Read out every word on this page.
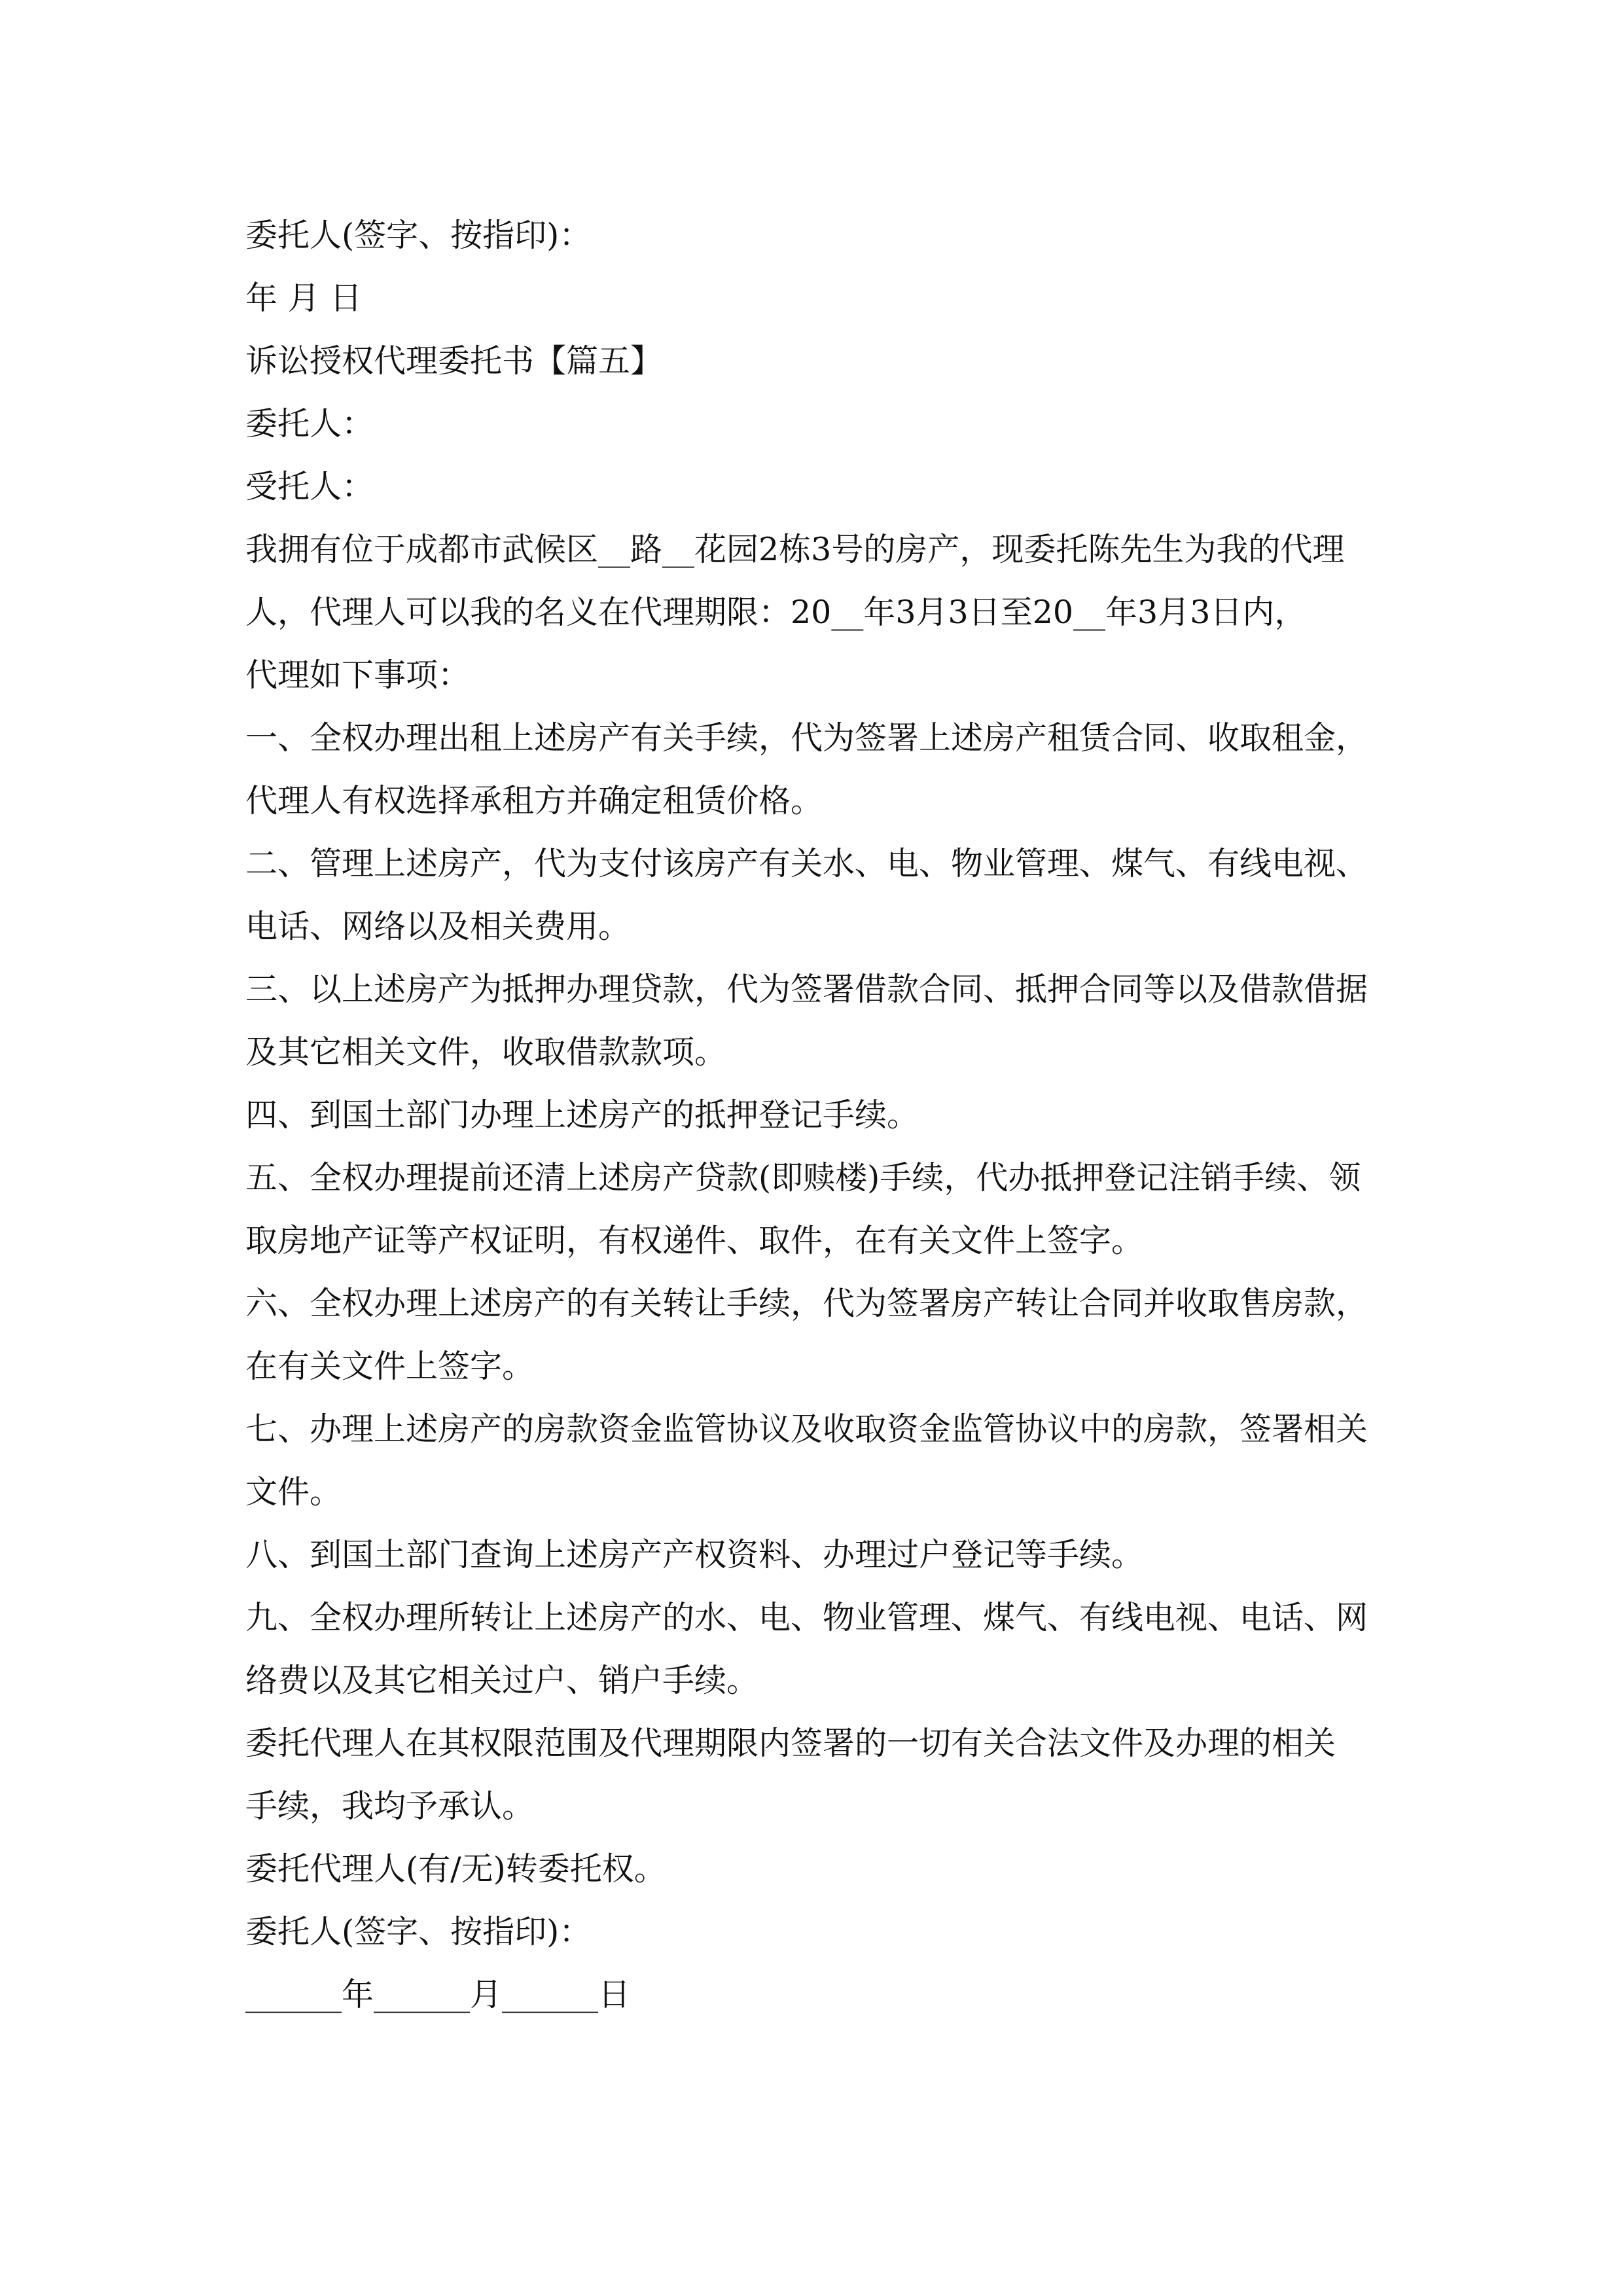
委托人(签字、按指印)：

年 月 日

诉讼授权代理委托书【篇五】

委托人：

受托人：

我拥有位于成都市武候区__路__花园2栋3号的房产，现委托陈先生为我的代理
人，代理人可以我的名义在代理期限：20__年3月3日至20__年3月3日内，
代理如下事项：

一、全权办理出租上述房产有关手续，代为签署上述房产租赁合同、收取租金，
代理人有权选择承租方并确定租赁价格。

二、管理上述房产，代为支付该房产有关水、电、物业管理、煤气、有线电视、
电话、网络以及相关费用。

三、以上述房产为抵押办理贷款，代为签署借款合同、抵押合同等以及借款借据
及其它相关文件，收取借款款项。

四、到国土部门办理上述房产的抵押登记手续。

五、全权办理提前还清上述房产贷款(即赎楼)手续，代办抵押登记注销手续、领
取房地产证等产权证明，有权递件、取件，在有关文件上签字。

六、全权办理上述房产的有关转让手续，代为签署房产转让合同并收取售房款，
在有关文件上签字。

七、办理上述房产的房款资金监管协议及收取资金监管协议中的房款，签署相关
文件。

八、到国土部门查询上述房产产权资料、办理过户登记等手续。

九、全权办理所转让上述房产的水、电、物业管理、煤气、有线电视、电话、网
络费以及其它相关过户、销户手续。

委托代理人在其权限范围及代理期限内签署的一切有关合法文件及办理的相关
手续，我均予承认。

委托代理人(有/无)转委托权。

委托人(签字、按指印)：

______年______月______日
